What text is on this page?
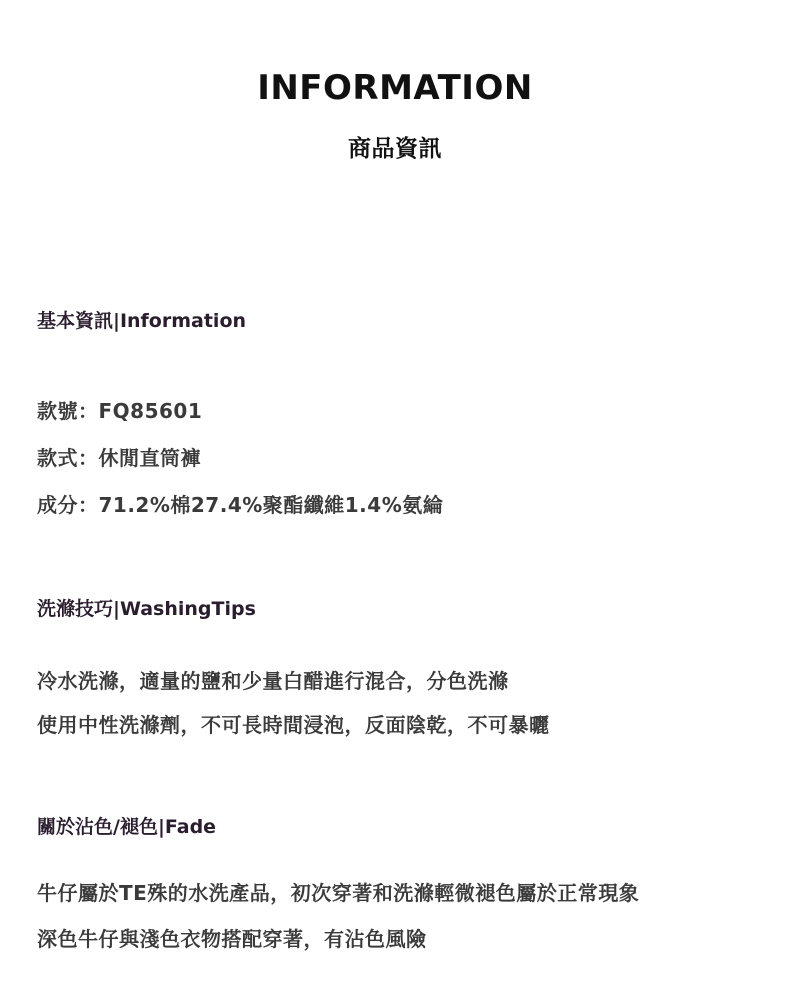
INFORMATION
商品資訊
基本資訊|Information
款號：FQ85601
款式：休閒直筒褲
成分：71.2%棉27.4%聚酯纖維1.4%氨綸
洗滌技巧|WashingTips
冷水洗滌，適量的鹽和少量白醋進行混合，分色洗滌
使用中性洗滌劑，不可長時間浸泡，反面陰乾，不可暴曬
關於沾色/褪色|Fade
牛仔屬於TE殊的水洗產品，初次穿著和洗滌輕微褪色屬於正常現象
深色牛仔與淺色衣物搭配穿著，有沾色風險
